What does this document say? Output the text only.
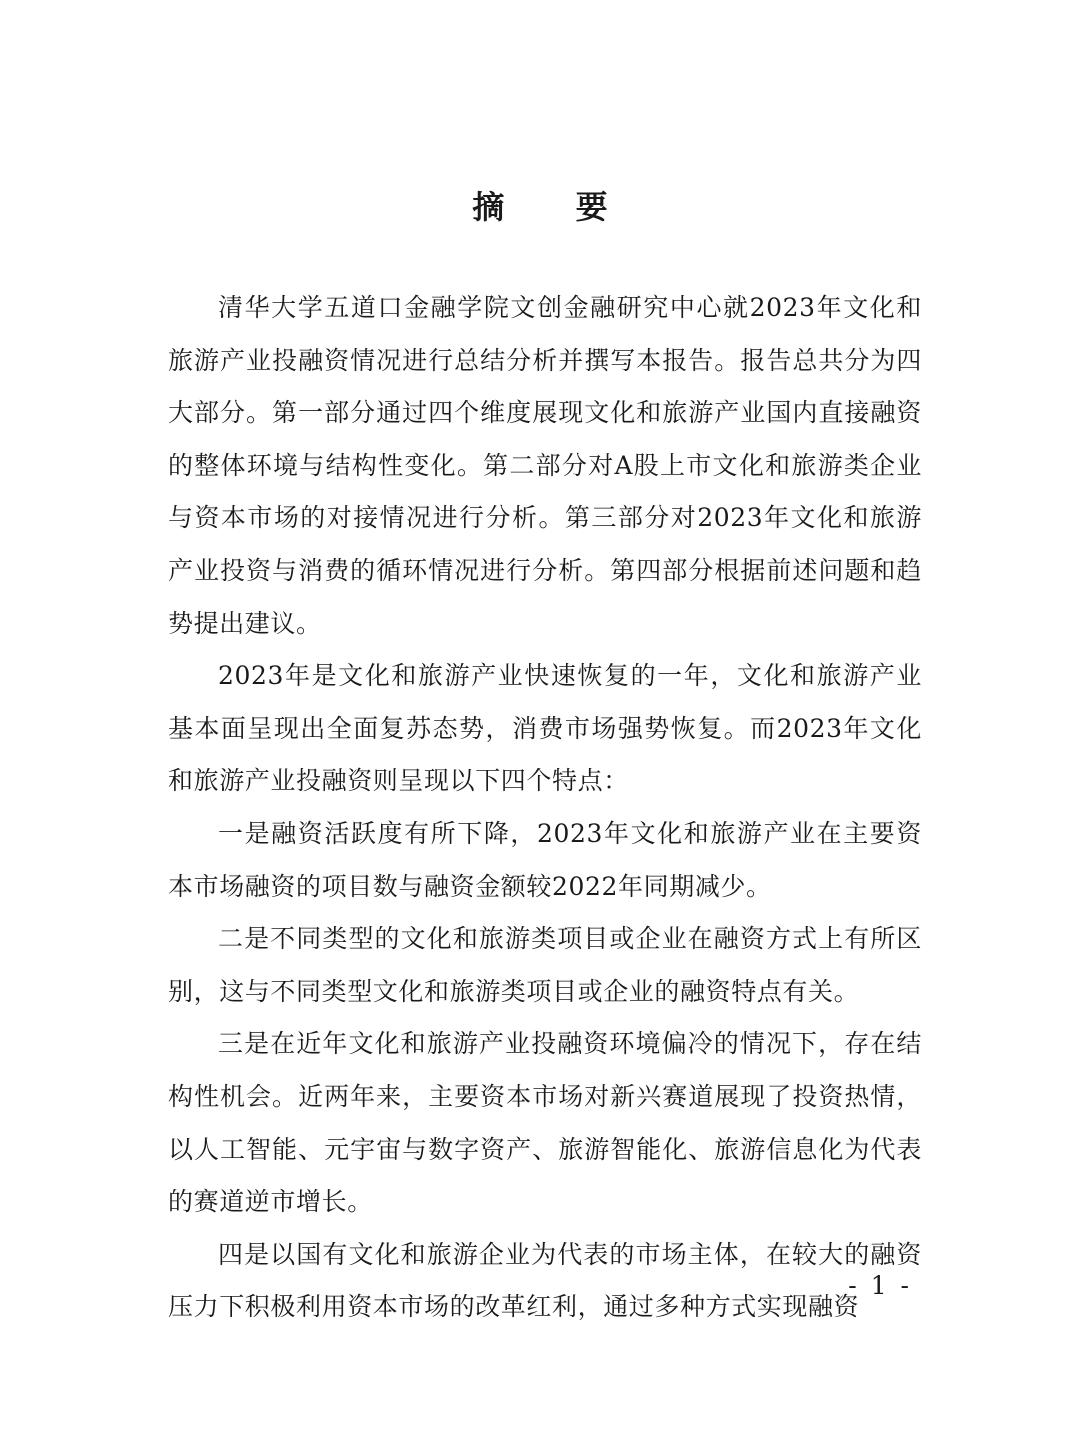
摘 要

清华大学五道口金融学院文创金融研究中心就2023年文化和旅游产业投融资情况进行总结分析并撰写本报告。报告总共分为四大部分。第一部分通过四个维度展现文化和旅游产业国内直接融资的整体环境与结构性变化。第二部分对A股上市文化和旅游类企业与资本市场的对接情况进行分析。第三部分对2023年文化和旅游产业投资与消费的循环情况进行分析。第四部分根据前述问题和趋势提出建议。

2023年是文化和旅游产业快速恢复的一年，文化和旅游产业基本面呈现出全面复苏态势，消费市场强势恢复。而2023年文化和旅游产业投融资则呈现以下四个特点：

一是融资活跃度有所下降，2023年文化和旅游产业在主要资本市场融资的项目数与融资金额较2022年同期减少。

二是不同类型的文化和旅游类项目或企业在融资方式上有所区别，这与不同类型文化和旅游类项目或企业的融资特点有关。

三是在近年文化和旅游产业投融资环境偏冷的情况下，存在结构性机会。近两年来，主要资本市场对新兴赛道展现了投资热情，以人工智能、元宇宙与数字资产、旅游智能化、旅游信息化为代表的赛道逆市增长。

四是以国有文化和旅游企业为代表的市场主体，在较大的融资压力下积极利用资本市场的改革红利，通过多种方式实现融资

- 1 -
